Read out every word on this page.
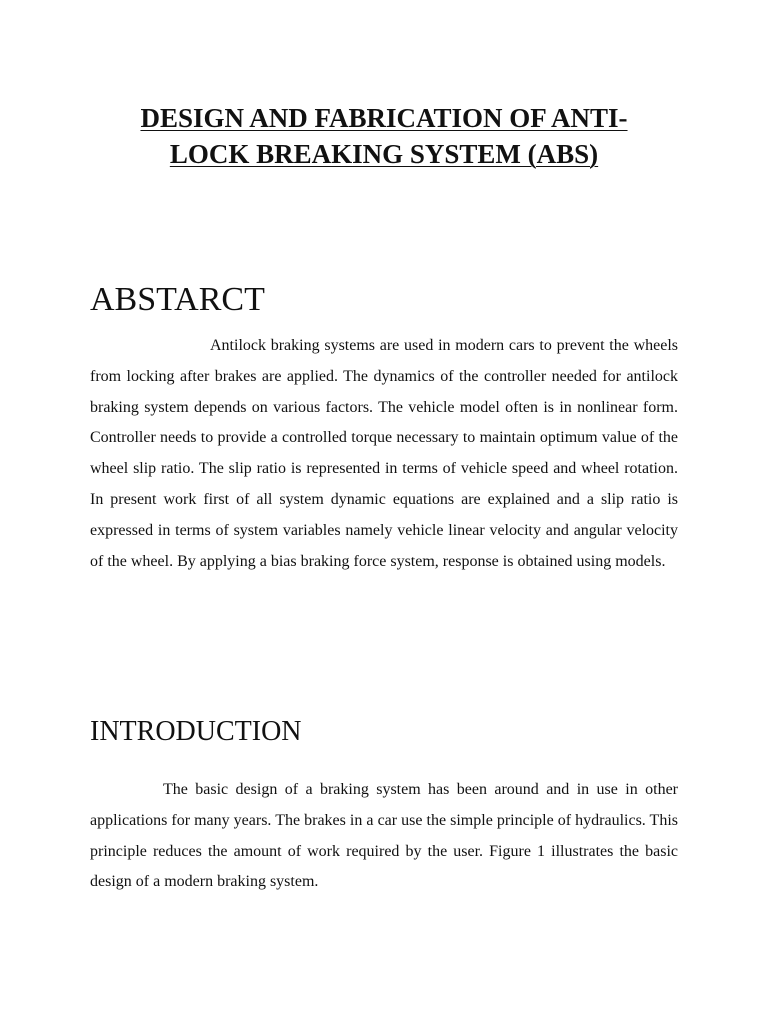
DESIGN AND FABRICATION OF ANTI-
LOCK BREAKING SYSTEM (ABS)
ABSTARCT

Antilock braking systems are used in modern cars to prevent the wheels from locking after brakes are applied. The dynamics of the controller needed for antilock braking system depends on various factors. The vehicle model often is in nonlinear form. Controller needs to provide a controlled torque necessary to maintain optimum value of the wheel slip ratio. The slip ratio is represented in terms of vehicle speed and wheel rotation. In present work first of all system dynamic equations are explained and a slip ratio is expressed in terms of system variables namely vehicle linear velocity and angular velocity of the wheel. By applying a bias braking force system, response is obtained using models.

INTRODUCTION

The basic design of a braking system has been around and in use in other applications for many years. The brakes in a car use the simple principle of hydraulics. This principle reduces the amount of work required by the user. Figure 1 illustrates the basic design of a modern braking system.
